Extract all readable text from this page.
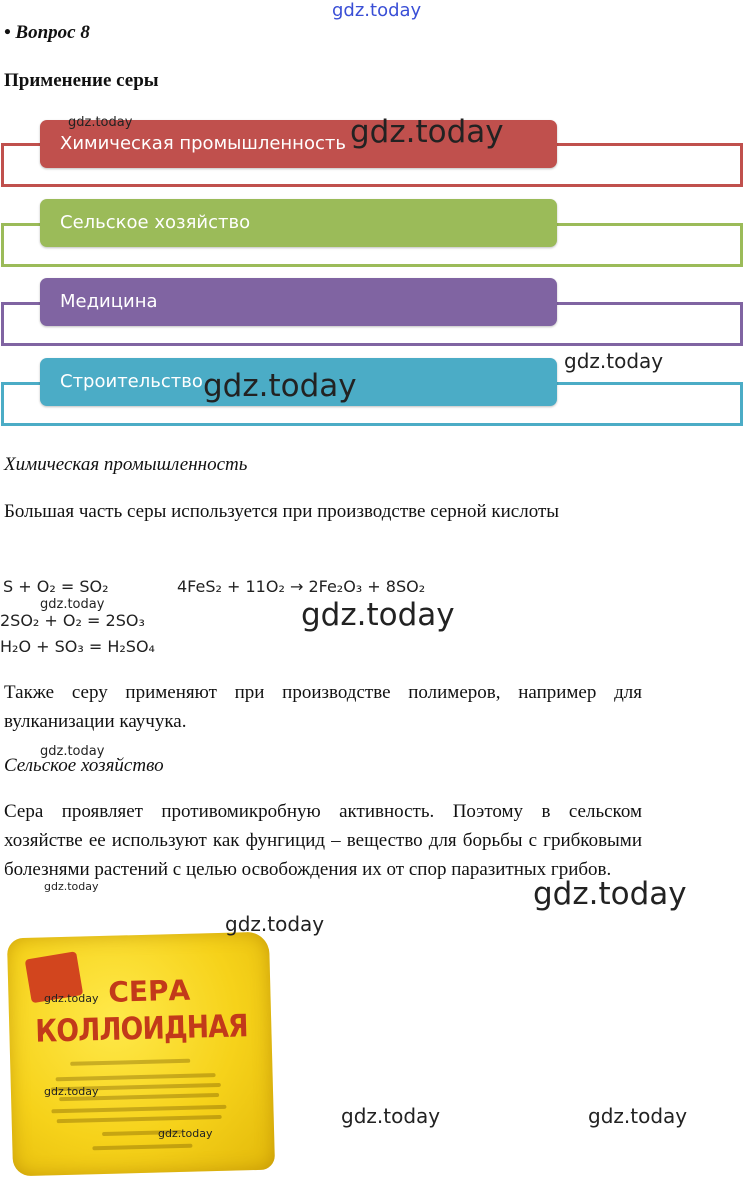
gdz.today
• Вопрос 8
Применение серы
Химическая промышленность
Сельское хозяйство
Медицина
Строительство
Химическая промышленность
Большая часть серы используется при производстве серной кислоты
S + O₂ = SO₂	4FeS₂ + 11O₂ → 2Fe₂O₃ + 8SO₂
2SO₂ + O₂ = 2SO₃
H₂O + SO₃ = H₂SO₄
Также серу применяют при производстве полимеров, например для вулканизации каучука.
Сельское хозяйство
Сера проявляет противомикробную активность. Поэтому в сельском хозяйстве ее используют как фунгицид – вещество для борьбы с грибковыми болезнями растений с целью освобождения их от спор паразитных грибов.
СЕРА
КОЛЛОИДНАЯ
gdz.today	gdz.today
gdz.today
gdz.today
gdz.today	gdz.today
gdz.today
gdz.today	gdz.today
gdz.today
gdz.today
gdz.today
gdz.today
gdz.today	gdz.today
